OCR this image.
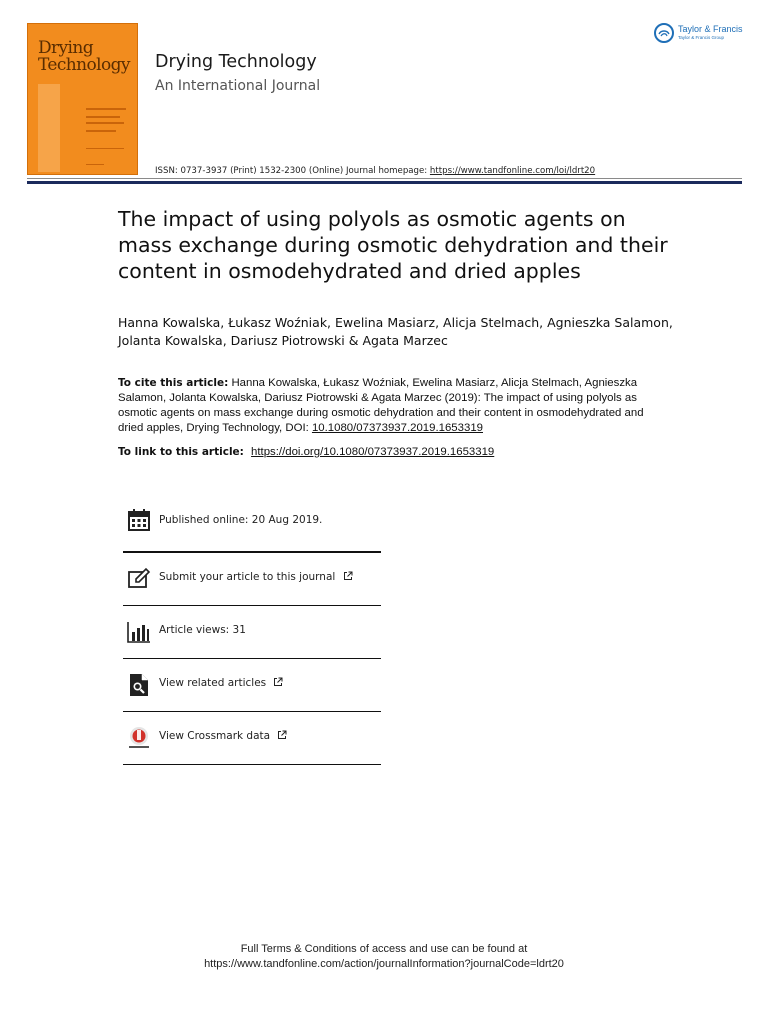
Drying Technology Drying Technology
An International Journal
ISSN: 0737-3937 (Print) 1532-2300 (Online) Journal homepage: https://www.tandfonline.com/loi/ldrt20
Taylor & Francis
Taylor & Francis Group
The impact of using polyols as osmotic agents on mass exchange during osmotic dehydration and their content in osmodehydrated and dried apples
Hanna Kowalska, Łukasz Woźniak, Ewelina Masiarz, Alicja Stelmach, Agnieszka Salamon, Jolanta Kowalska, Dariusz Piotrowski & Agata Marzec
To cite this article: Hanna Kowalska, Łukasz Woźniak, Ewelina Masiarz, Alicja Stelmach, Agnieszka Salamon, Jolanta Kowalska, Dariusz Piotrowski & Agata Marzec (2019): The impact of using polyols as osmotic agents on mass exchange during osmotic dehydration and their content in osmodehydrated and dried apples, Drying Technology, DOI: 10.1080/07373937.2019.1653319
To link to this article: https://doi.org/10.1080/07373937.2019.1653319
Published online: 20 Aug 2019.
Submit your article to this journal
Article views: 31
View related articles
View Crossmark data
Full Terms & Conditions of access and use can be found at
https://www.tandfonline.com/action/journalInformation?journalCode=ldrt20
